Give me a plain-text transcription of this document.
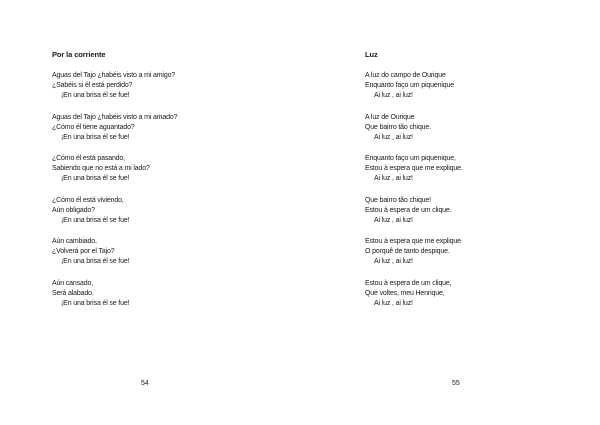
Por la corriente
Aguas del Tajo ¿habéis visto a mi amigo?
¿Sabéis si él está perdido?
¡En una brisa él se fue!
Aguas del Tajo ¿habéis visto a mi amado?
¿Cómo él tiene aguantado?
¡En una brisa él se fue!
¿Cómo él está pasando,
Sabiendo que no está a mi lado?
¡En una brisa él se fue!
¿Cómo él está viviendo,
Aún obligado?
¡En una brisa él se fue!
Aún cambiado,
¿Volverá por el Tajo?
¡En una brisa él se fue!
Aún cansado,
Será alabado.
¡En una brisa él se fue!
54
Luz
A luz do campo de Ourique
Enquanto faço um piquenique
Ai luz , ai luz!
A luz de Ourique
Que bairro tão chique.
Ai luz , ai luz!
Enquanto faço um piquenique,
Estou à espera que me explique.
Ai luz , ai luz!
Que bairro tão chique!
Estou à espera de um clique.
Ai luz , ai luz!
Estou à espera que me explique
O porquê de tanto despique.
Ai luz , ai luz!
Estou à espera de um clique,
Que voltes, meu Henrique,
Ai luz , ai luz!
55
